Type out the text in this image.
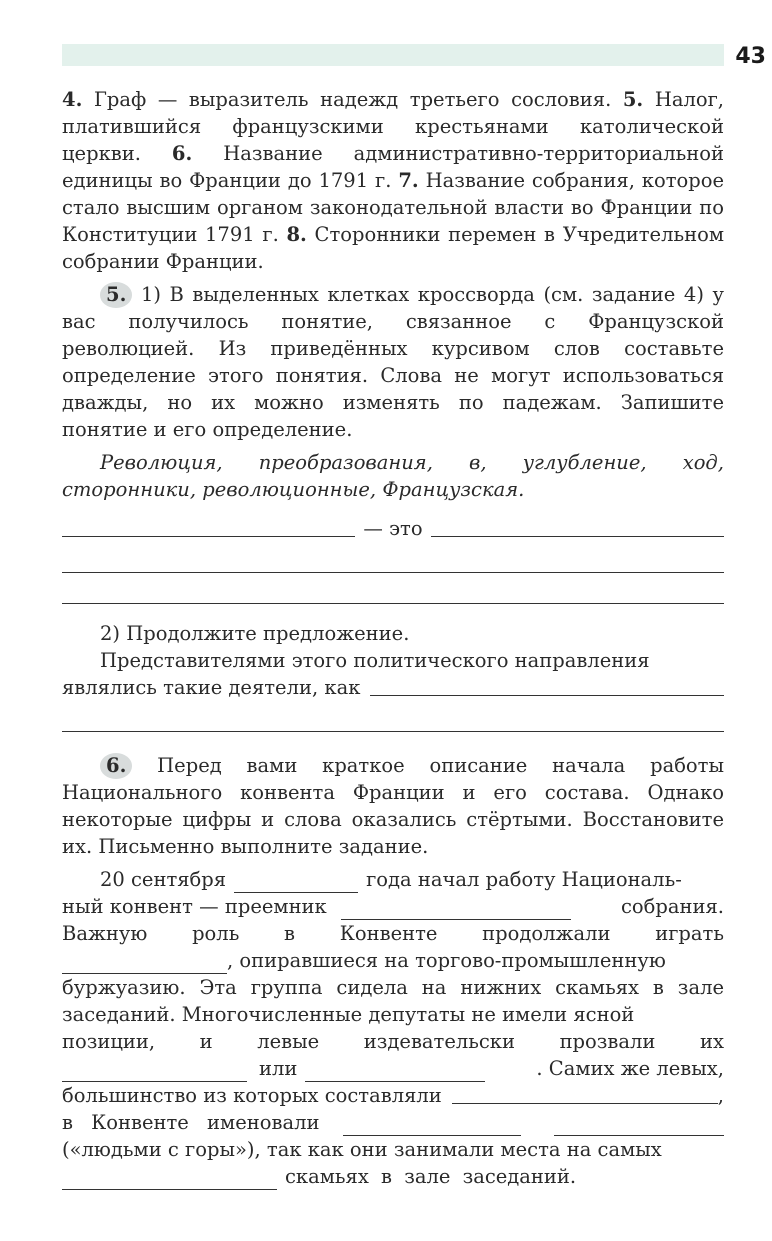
43

4. Граф — выразитель надежд третьего сословия. 5. Налог, платившийся французскими крестьянами католической церкви. 6. Название административно-территориальной единицы во Франции до 1791 г. 7. Название собрания, которое стало высшим органом законодательной власти во Франции по Конституции 1791 г. 8. Сторонники перемен в Учредительном собрании Франции.

5. 1) В выделенных клетках кроссворда (см. задание 4) у вас получилось понятие, связанное с Французской революцией. Из приведённых курсивом слов составьте определение этого понятия. Слова не могут использоваться дважды, но их можно изменять по падежам. Запишите понятие и его определение.

Революция, преобразования, в, углубление, ход, сторонники, революционные, Французская.

— это

2) Продолжите предложение.

Представителями этого политического направления

являлись такие деятели, как

6. Перед вами краткое описание начала работы Национального конвента Франции и его состава. Однако некоторые цифры и слова оказались стёртыми. Восстановите их. Письменно выполните задание.

20 сентября	года начал работу Националь-
ный конвент — преемник	собрания.
Важную роль в Конвенте продолжали играть
, опиравшиеся на торгово-промышленную

буржуазию. Эта группа сидела на нижних скамьях в зале заседаний. Многочисленные депутаты не имели ясной

позиции, и левые издевательски прозвали их
или	. Самих же левых,
большинство из которых составляли	,
в Конвенте именовали

(«людьми с горы»), так как они занимали места на самых

скамьях в зале заседаний.
